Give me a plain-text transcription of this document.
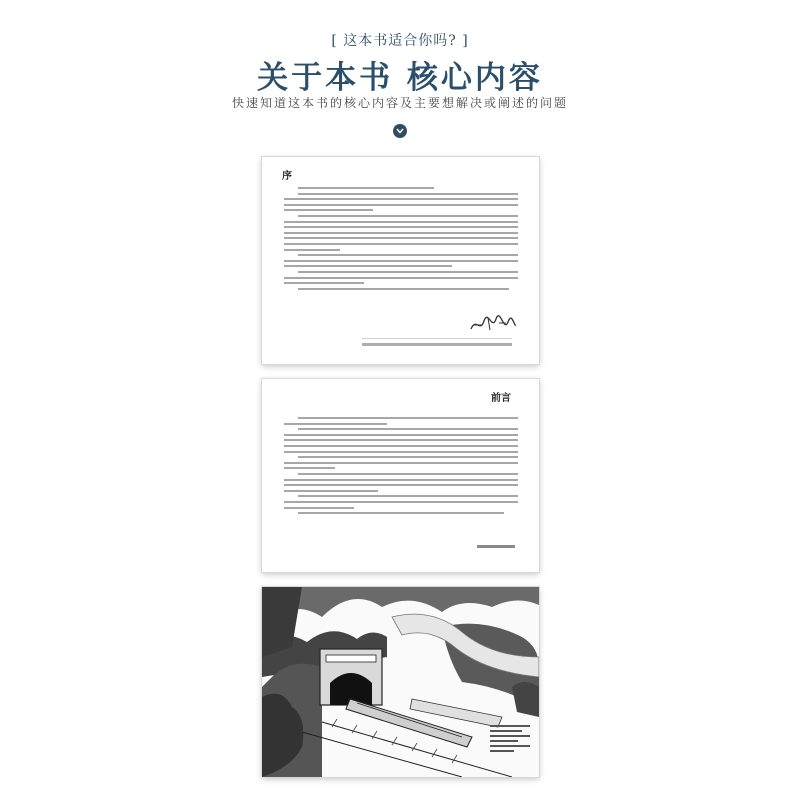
[ 这本书适合你吗? ]
关于本书 核心内容
快速知道这本书的核心内容及主要想解决或阐述的问题
序
前言
